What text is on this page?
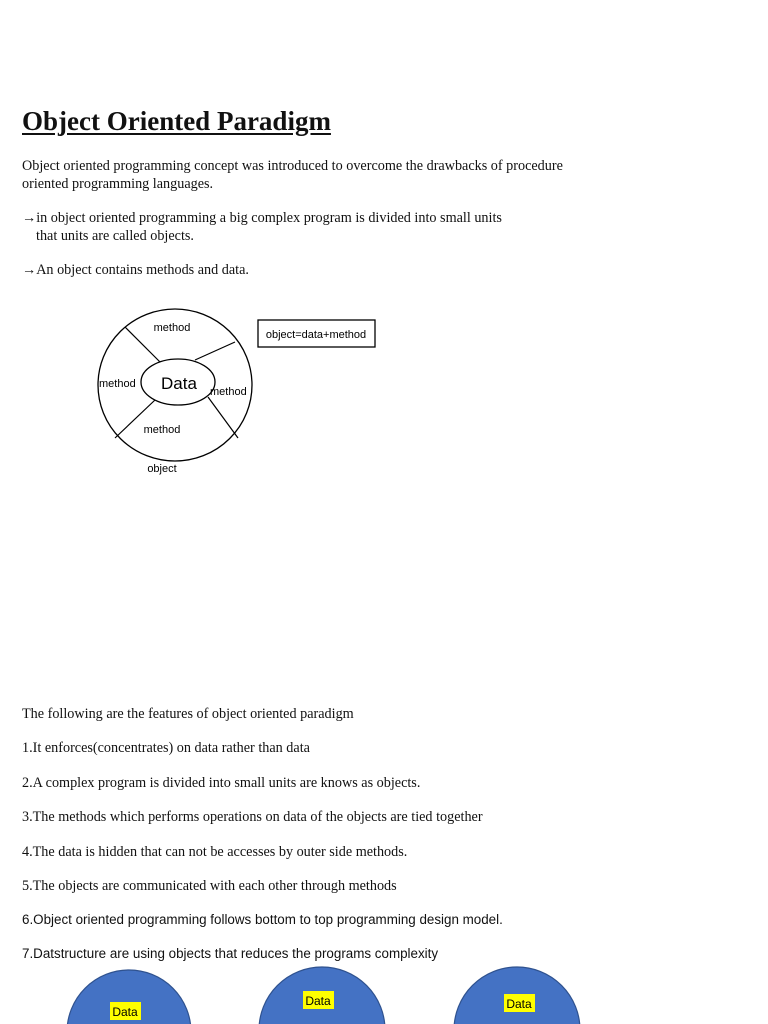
Object Oriented Paradigm
Object oriented programming concept was introduced to overcome the drawbacks of procedure
oriented programming languages.
→in object oriented programming a big complex program is divided into small units
that units are called objects.
→An object contains methods and data.
method
method
method
method
Data
object
object=data+method
The following are the features of object oriented paradigm
1.It enforces(concentrates) on data rather than data
2.A complex program is divided into small units are knows as objects.
3.The methods which performs operations on data of the objects are tied together
4.The data is hidden that can not be accesses by outer side methods.
5.The objects are communicated with each other through methods
6.Object oriented programming follows bottom to top programming design model.
7.Datstructure are using objects that reduces the programs complexity
Data
Data	Data
